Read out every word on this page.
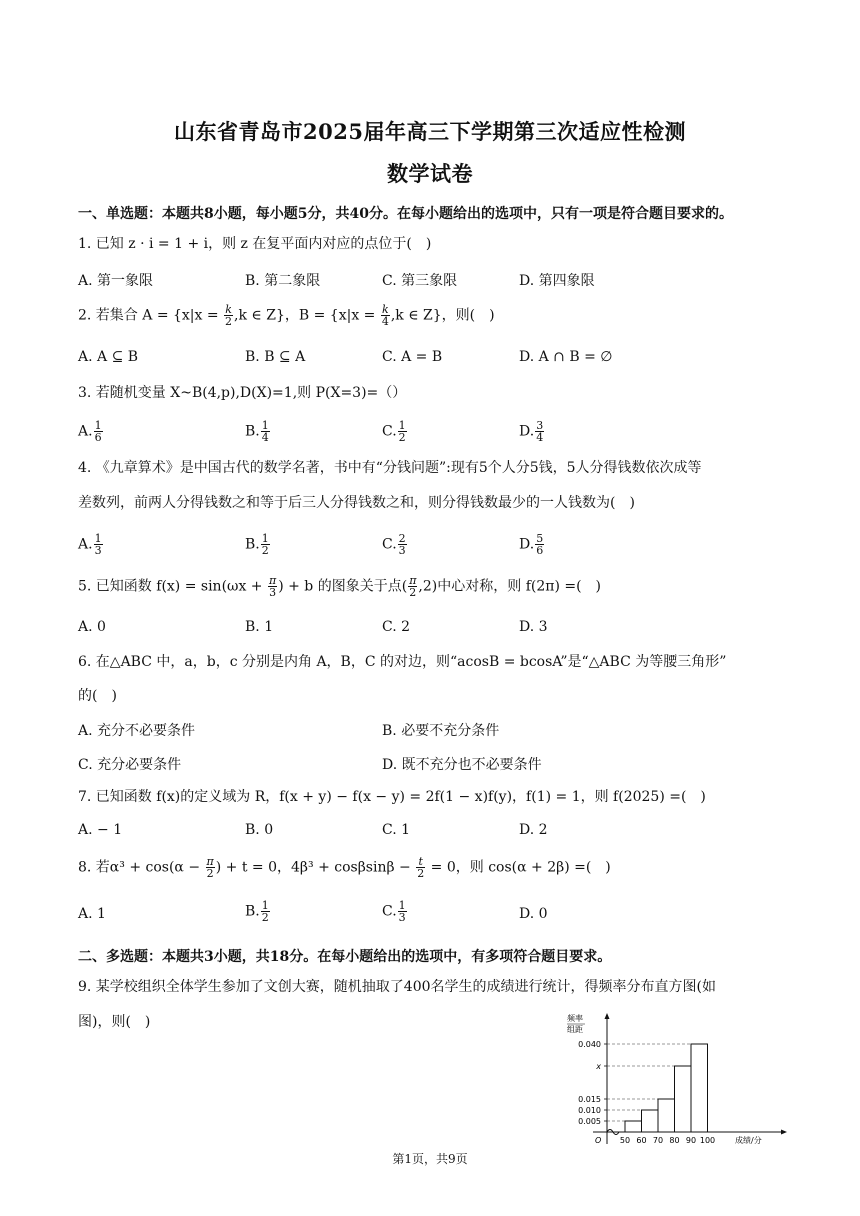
山东省青岛市2025届年高三下学期第三次适应性检测
数学试卷
一、单选题：本题共8小题，每小题5分，共40分。在每小题给出的选项中，只有一项是符合题目要求的。
1. 已知 z · i = 1 + i，则 z 在复平面内对应的点位于(　)
A. 第一象限	B. 第二象限	C. 第三象限	D. 第四象限
2. 若集合 $A = \{x|x = \frac{k}{2} ,k$ ∈ Z}，$B = \{x|x = \frac{k}{4} ,k$ ∈ Z}，则(　)
A. A ⊆ B	B. B ⊆ A	C. A = B	D. A ∩ B = ∅
3. 若随机变量 X~B(4,p),D(X)=1,则 P(X=3)=（）
A. $\frac{1}{6}$	B. $\frac{1}{4}$	C. $\frac{1}{2}$	D. $\frac{3}{4}$
4. 《九章算术》是中国古代的数学名著，书中有“分钱问题”:现有5个人分5钱，5人分得钱数依次成等
差数列，前两人分得钱数之和等于后三人分得钱数之和，则分得钱数最少的一人钱数为(　)
A. $\frac{1}{3}$	B. $\frac{1}{2}$	C. $\frac{2}{3}$	D. $\frac{5}{6}$
5. 已知函数 $f(x) = \sin(\omega x + \frac{\pi}{3}$ ) + b 的图象关于点( $\frac{\pi}{2} ,2$)中心对称，则 f(2π) =(　)
A. 0	B. 1	C. 2	D. 3
6. 在△ABC 中，a，b，c 分别是内角 A，B，C 的对边，则“acosB = bcosA”是“△ABC 为等腰三角形”
的(　)
A. 充分不必要条件	B. 必要不充分条件
C. 充分必要条件	D. 既不充分也不必要条件
7. 已知函数 f(x)的定义域为 R，f(x + y) − f(x − y) = 2f(1 − x)f(y)，f(1) = 1，则 f(2025) =(　)
A. − 1	B. 0	C. 1	D. 2
8. 若$\alpha^3 + \cos(\alpha - \frac{\pi}{2}$ ) + t = 0，$4\beta^3 + \cos\beta\sin\beta - \frac{t}{2} = 0$，则 cos(α + 2β) =(　)
A. 1	B. $\frac{1}{2}$	C. $\frac{1}{3}$	D. 0
二、多选题：本题共3小题，共18分。在每小题给出的选项中，有多项符合题目要求。
9. 某学校组织全体学生参加了文创大赛，随机抽取了400名学生的成绩进行统计，得频率分布直方图(如
图)，则(　)	频率
组距
成绩/分
O
0.040
x
0.015
0.010
0.005
50 60 70 80 90 100
第1页，共9页
